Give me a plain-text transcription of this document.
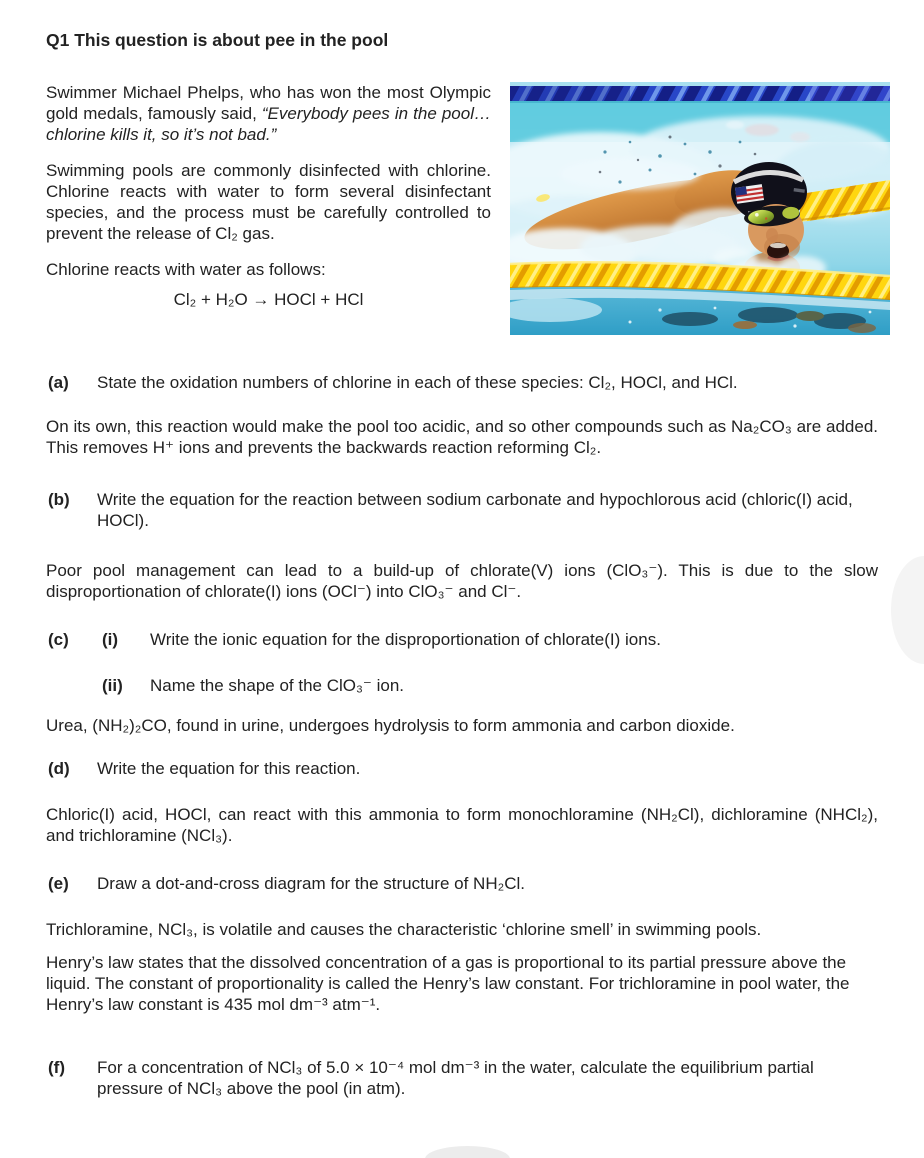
Q1 This question is about pee in the pool

Swimmer Michael Phelps, who has won the most Olympic gold medals, famously said, “Everybody pees in the pool… chlorine kills it, so it’s not bad.”

Swimming pools are commonly disinfected with chlorine. Chlorine reacts with water to form several disinfectant species, and the process must be carefully controlled to prevent the release of Cl₂ gas.

Chlorine reacts with water as follows:

Cl₂ + H₂O → HOCl + HCl

(a) State the oxidation numbers of chlorine in each of these species: Cl₂, HOCl, and HCl.

On its own, this reaction would make the pool too acidic, and so other compounds such as Na₂CO₃ are added. This removes H⁺ ions and prevents the backwards reaction reforming Cl₂.

(b) Write the equation for the reaction between sodium carbonate and hypochlorous acid (chloric(I) acid, HOCl).

Poor pool management can lead to a build-up of chlorate(V) ions (ClO₃⁻). This is due to the slow disproportionation of chlorate(I) ions (OCl⁻) into ClO₃⁻ and Cl⁻.

(c) (i) Write the ionic equation for the disproportionation of chlorate(I) ions.
(ii) Name the shape of the ClO₃⁻ ion.

Urea, (NH₂)₂CO, found in urine, undergoes hydrolysis to form ammonia and carbon dioxide.

(d) Write the equation for this reaction.

Chloric(I) acid, HOCl, can react with this ammonia to form monochloramine (NH₂Cl), dichloramine (NHCl₂), and trichloramine (NCl₃).

(e) Draw a dot-and-cross diagram for the structure of NH₂Cl.

Trichloramine, NCl₃, is volatile and causes the characteristic ‘chlorine smell’ in swimming pools.

Henry’s law states that the dissolved concentration of a gas is proportional to its partial pressure above the liquid. The constant of proportionality is called the Henry’s law constant. For trichloramine in pool water, the Henry’s law constant is 435 mol dm⁻³ atm⁻¹.

(f) For a concentration of NCl₃ of 5.0 × 10⁻⁴ mol dm⁻³ in the water, calculate the equilibrium partial pressure of NCl₃ above the pool (in atm).
